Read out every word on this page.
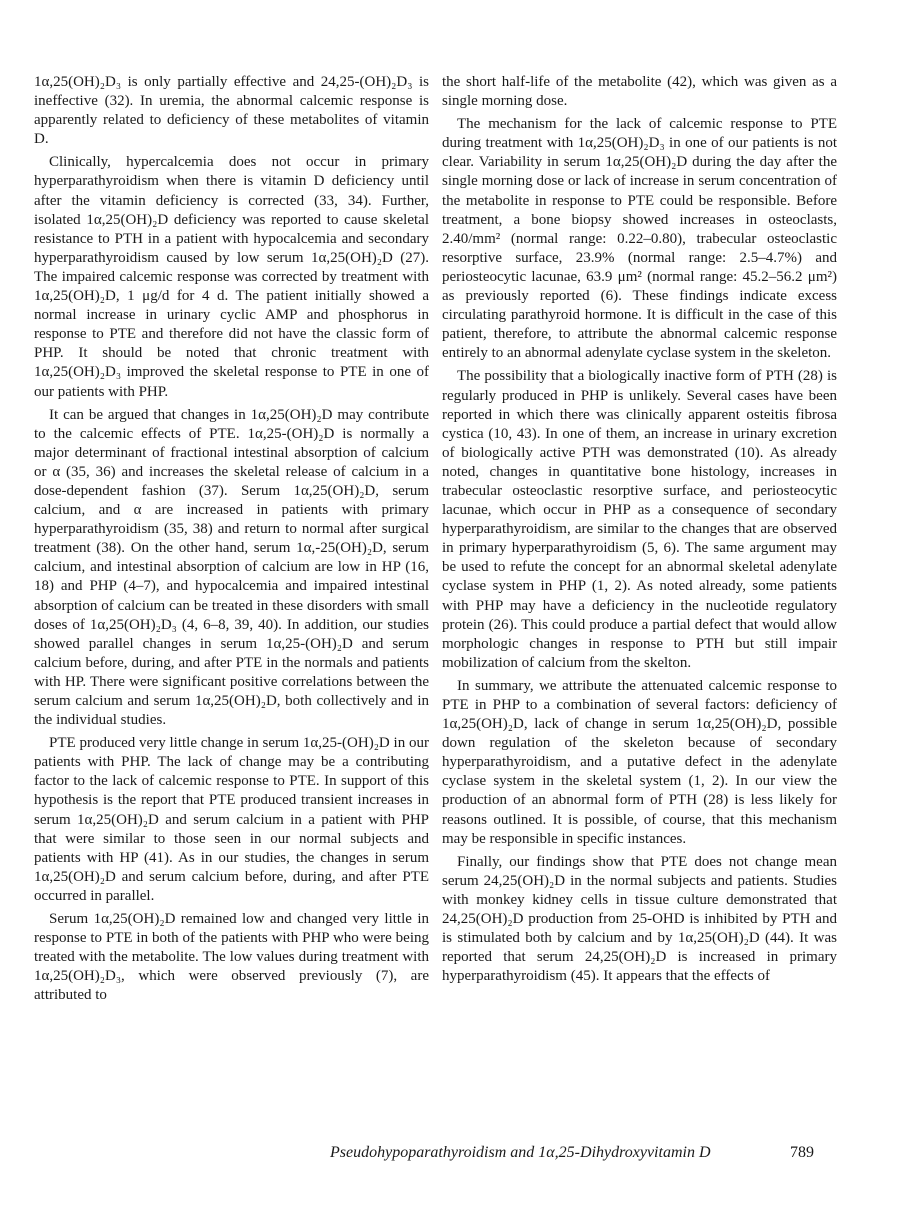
1α,25(OH)₂D₃ is only partially effective and 24,25-(OH)₂D₃ is ineffective (32). In uremia, the abnormal calcemic response is apparently related to deficiency of these metabolites of vitamin D.

Clinically, hypercalcemia does not occur in primary hyperparathyroidism when there is vitamin D deficiency until after the vitamin deficiency is corrected (33, 34). Further, isolated 1α,25(OH)₂D deficiency was reported to cause skeletal resistance to PTH in a patient with hypocalcemia and secondary hyperparathyroidism caused by low serum 1α,25(OH)₂D (27). The impaired calcemic response was corrected by treatment with 1α,25(OH)₂D, 1 μg/d for 4 d. The patient initially showed a normal increase in urinary cyclic AMP and phosphorus in response to PTE and therefore did not have the classic form of PHP. It should be noted that chronic treatment with 1α,25(OH)₂D₃ improved the skeletal response to PTE in one of our patients with PHP.

It can be argued that changes in 1α,25(OH)₂D may contribute to the calcemic effects of PTE. 1α,25-(OH)₂D is normally a major determinant of fractional intestinal absorption of calcium or α (35, 36) and increases the skeletal release of calcium in a dose-dependent fashion (37). Serum 1α,25(OH)₂D, serum calcium, and α are increased in patients with primary hyperparathyroidism (35, 38) and return to normal after surgical treatment (38). On the other hand, serum 1α,-25(OH)₂D, serum calcium, and intestinal absorption of calcium are low in HP (16, 18) and PHP (4–7), and hypocalcemia and impaired intestinal absorption of calcium can be treated in these disorders with small doses of 1α,25(OH)₂D₃ (4, 6–8, 39, 40). In addition, our studies showed parallel changes in serum 1α,25-(OH)₂D and serum calcium before, during, and after PTE in the normals and patients with HP. There were significant positive correlations between the serum calcium and serum 1α,25(OH)₂D, both collectively and in the individual studies.

PTE produced very little change in serum 1α,25-(OH)₂D in our patients with PHP. The lack of change may be a contributing factor to the lack of calcemic response to PTE. In support of this hypothesis is the report that PTE produced transient increases in serum 1α,25(OH)₂D and serum calcium in a patient with PHP that were similar to those seen in our normal subjects and patients with HP (41). As in our studies, the changes in serum 1α,25(OH)₂D and serum calcium before, during, and after PTE occurred in parallel.

Serum 1α,25(OH)₂D remained low and changed very little in response to PTE in both of the patients with PHP who were being treated with the metabolite. The low values during treatment with 1α,25(OH)₂D₃, which were observed previously (7), are attributed to

the short half-life of the metabolite (42), which was given as a single morning dose.

The mechanism for the lack of calcemic response to PTE during treatment with 1α,25(OH)₂D₃ in one of our patients is not clear. Variability in serum 1α,25(OH)₂D during the day after the single morning dose or lack of increase in serum concentration of the metabolite in response to PTE could be responsible. Before treatment, a bone biopsy showed increases in osteoclasts, 2.40/mm² (normal range: 0.22–0.80), trabecular osteoclastic resorptive surface, 23.9% (normal range: 2.5–4.7%) and periosteocytic lacunae, 63.9 μm² (normal range: 45.2–56.2 μm²) as previously reported (6). These findings indicate excess circulating parathyroid hormone. It is difficult in the case of this patient, therefore, to attribute the abnormal calcemic response entirely to an abnormal adenylate cyclase system in the skeleton.

The possibility that a biologically inactive form of PTH (28) is regularly produced in PHP is unlikely. Several cases have been reported in which there was clinically apparent osteitis fibrosa cystica (10, 43). In one of them, an increase in urinary excretion of biologically active PTH was demonstrated (10). As already noted, changes in quantitative bone histology, increases in trabecular osteoclastic resorptive surface, and periosteocytic lacunae, which occur in PHP as a consequence of secondary hyperparathyroidism, are similar to the changes that are observed in primary hyperparathyroidism (5, 6). The same argument may be used to refute the concept for an abnormal skeletal adenylate cyclase system in PHP (1, 2). As noted already, some patients with PHP may have a deficiency in the nucleotide regulatory protein (26). This could produce a partial defect that would allow morphologic changes in response to PTH but still impair mobilization of calcium from the skelton.

In summary, we attribute the attenuated calcemic response to PTE in PHP to a combination of several factors: deficiency of 1α,25(OH)₂D, lack of change in serum 1α,25(OH)₂D, possible down regulation of the skeleton because of secondary hyperparathyroidism, and a putative defect in the adenylate cyclase system in the skeletal system (1, 2). In our view the production of an abnormal form of PTH (28) is less likely for reasons outlined. It is possible, of course, that this mechanism may be responsible in specific instances.

Finally, our findings show that PTE does not change mean serum 24,25(OH)₂D in the normal subjects and patients. Studies with monkey kidney cells in tissue culture demonstrated that 24,25(OH)₂D production from 25-OHD is inhibited by PTH and is stimulated both by calcium and by 1α,25(OH)₂D (44). It was reported that serum 24,25(OH)₂D is increased in primary hyperparathyroidism (45). It appears that the effects of

Pseudohypoparathyroidism and 1α,25-Dihydroxyvitamin D	789
